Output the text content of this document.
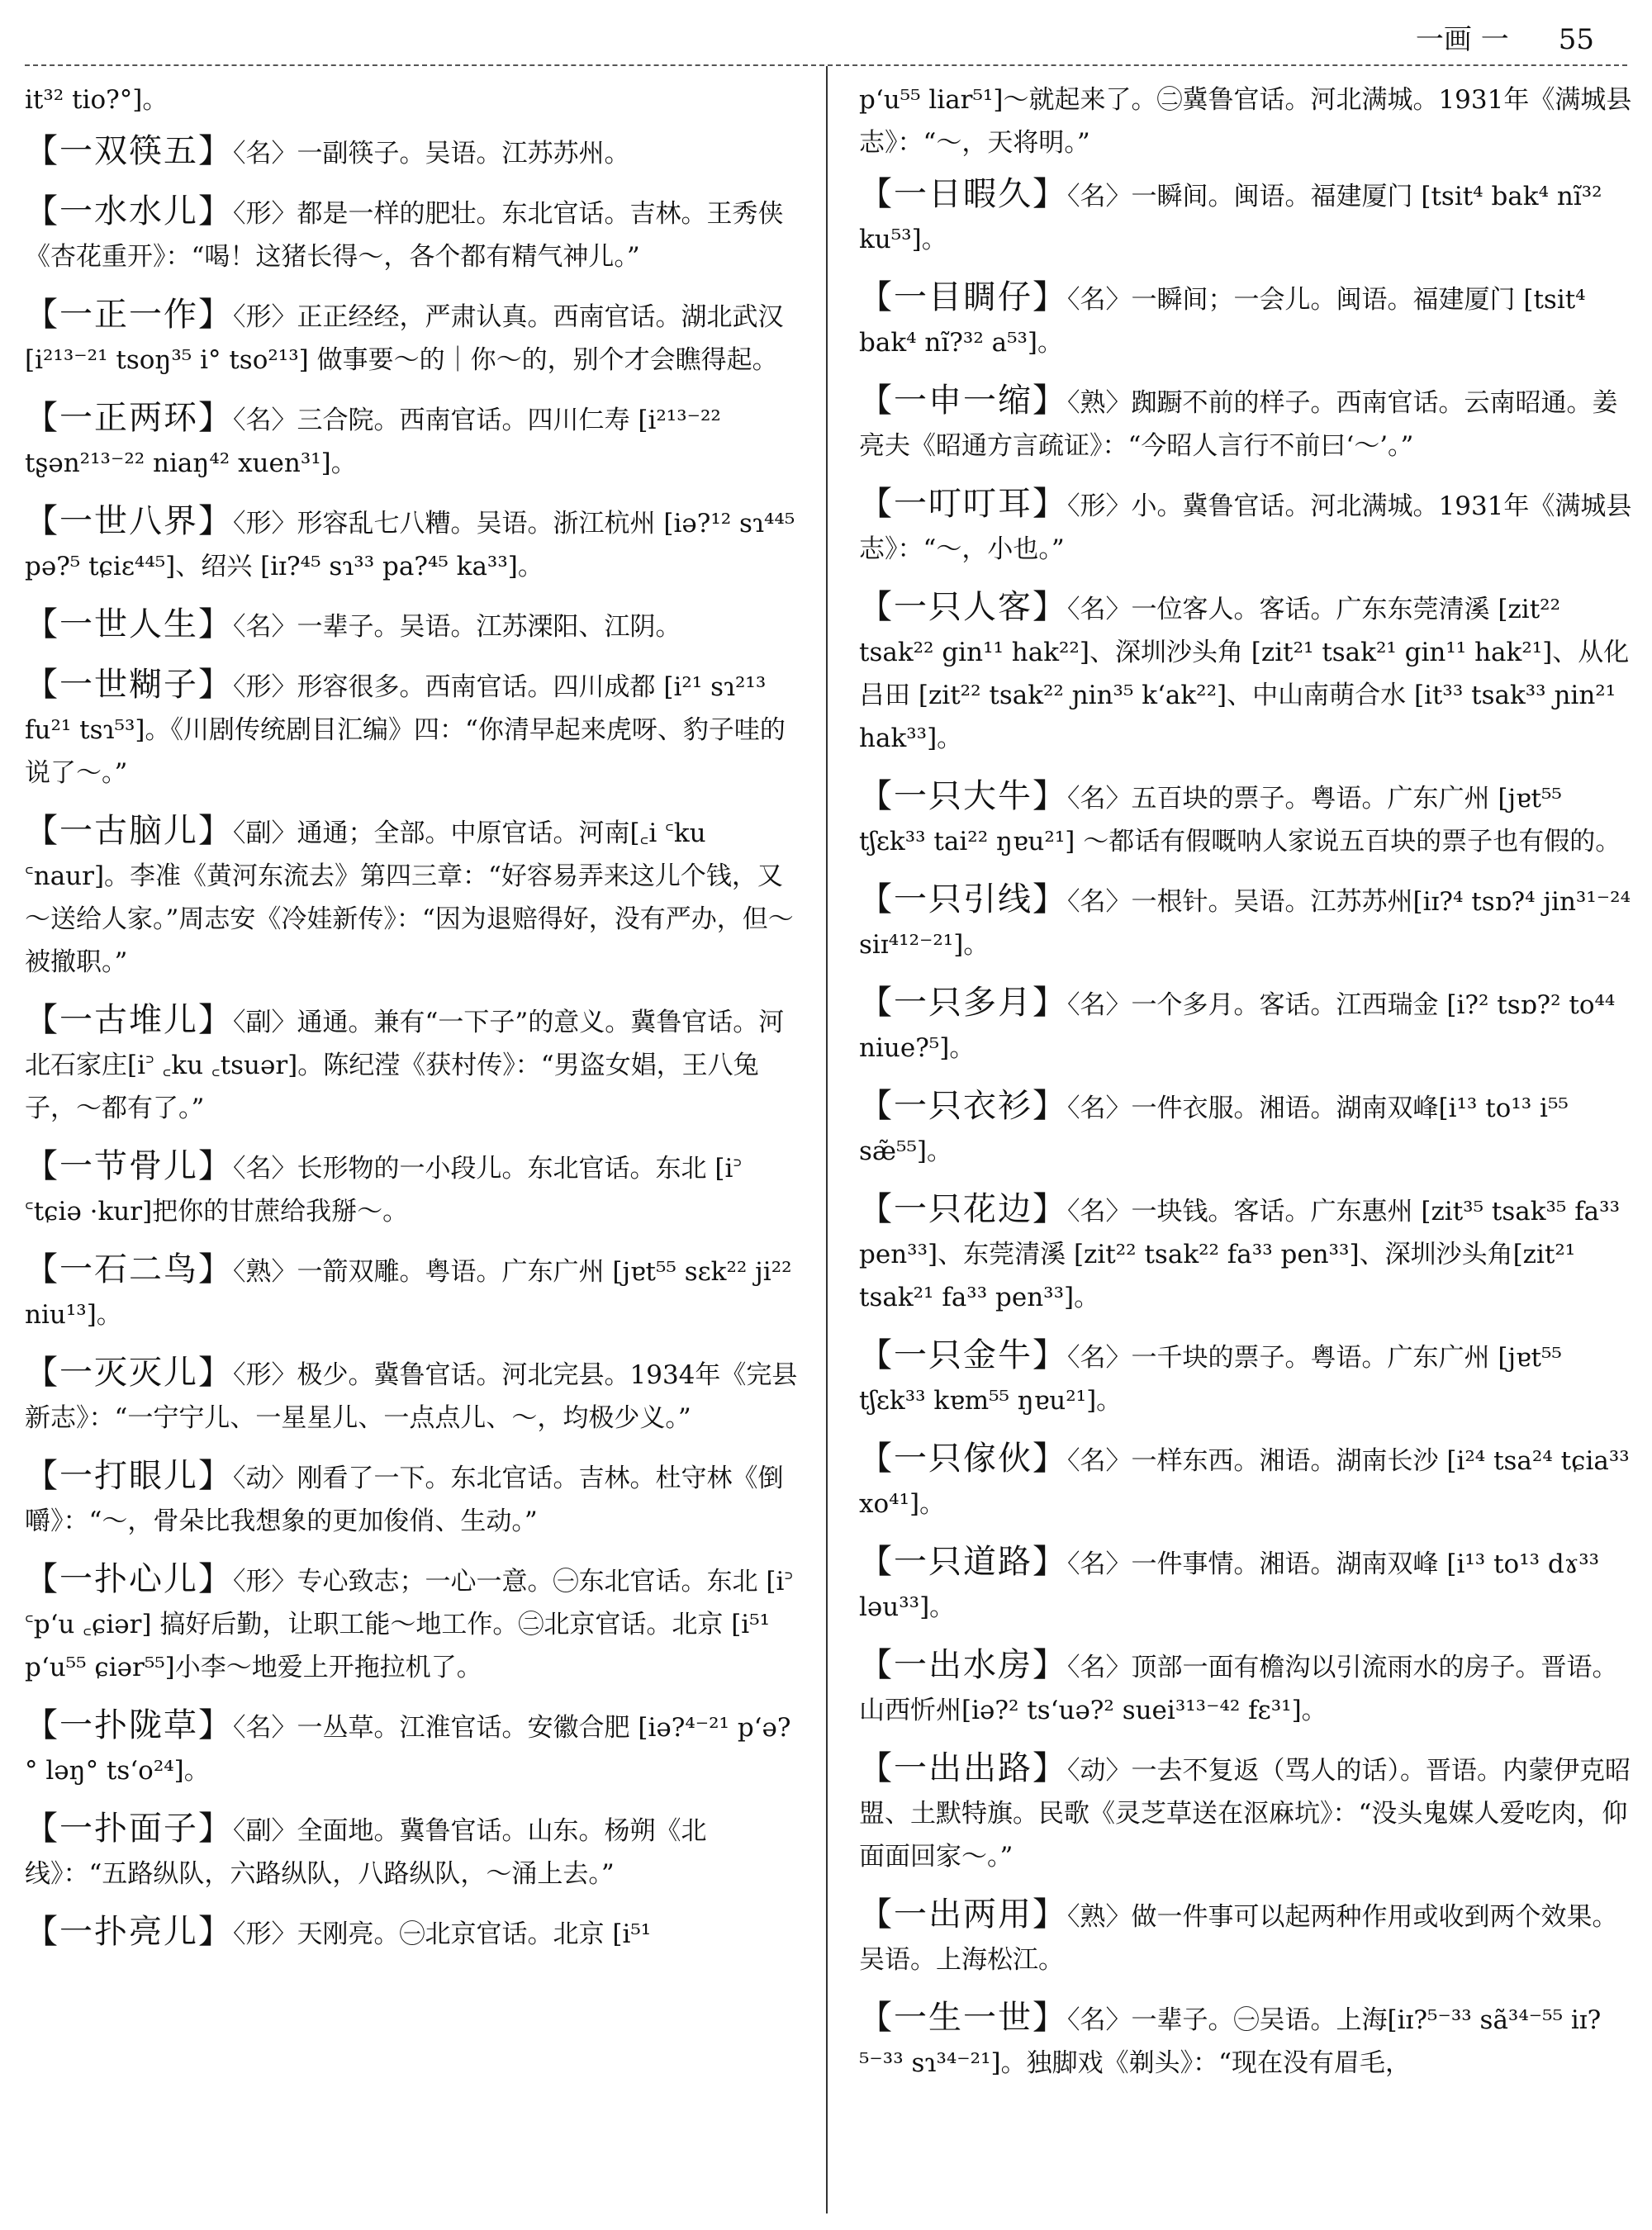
一画 一 55

it³² tio?°]。

【一双筷五】〈名〉一副筷子。吴语。江苏苏州。

【一水水儿】〈形〉都是一样的肥壮。东北官话。吉林。王秀侠《杏花重开》：“喝！这猪长得～，各个都有精气神儿。”

【一正一作】〈形〉正正经经，严肃认真。西南官话。湖北武汉 [i²¹³⁻²¹ tsoŋ³⁵ i° tso²¹³] 做事要～的｜你～的，别个才会瞧得起。

【一正两环】〈名〉三合院。西南官话。四川仁寿 [i²¹³⁻²² tʂən²¹³⁻²² niaŋ⁴² xuen³¹]。

【一世八界】〈形〉形容乱七八糟。吴语。浙江杭州 [iə?¹² sɿ⁴⁴⁵ pə?⁵ tɕiɛ⁴⁴⁵]、绍兴 [iɪ?⁴⁵ sɿ³³ pa?⁴⁵ ka³³]。

【一世人生】〈名〉一辈子。吴语。江苏溧阳、江阴。

【一世糊子】〈形〉形容很多。西南官话。四川成都 [i²¹ sɿ²¹³ fu²¹ tsɿ⁵³]。《川剧传统剧目汇编》四：“你清早起来虎呀、豹子哇的说了～。”

【一古脑儿】〈副〉通通；全部。中原官话。河南[꜀i ꜂ku ꜂naur]。李准《黄河东流去》第四三章：“好容易弄来这儿个钱，又～送给人家。”周志安《冷娃新传》：“因为退赔得好，没有严办，但～被撤职。”

【一古堆儿】〈副〉通通。兼有“一下子”的意义。冀鲁官话。河北石家庄[i꜄ ꜀ku ꜀tsuər]。陈纪滢《获村传》：“男盗女娼，王八兔子，～都有了。”

【一节骨儿】〈名〉长形物的一小段儿。东北官话。东北 [i꜄ ꜂tɕiə ·kur]把你的甘蔗给我掰～。

【一石二鸟】〈熟〉一箭双雕。粤语。广东广州 [jɐt⁵⁵ sɛk²² ji²² niu¹³]。

【一灭灭儿】〈形〉极少。冀鲁官话。河北完县。1934年《完县新志》：“一宁宁儿、一星星儿、一点点儿、～，均极少义。”

【一打眼儿】〈动〉刚看了一下。东北官话。吉林。杜守林《倒嚼》：“～，骨朵比我想象的更加俊俏、生动。”

【一扑心儿】〈形〉专心致志；一心一意。㊀东北官话。东北 [i꜄ ꜂p‘u ꜀ɕiər] 搞好后勤，让职工能～地工作。㊁北京官话。北京 [i⁵¹ p‘u⁵⁵ ɕiər⁵⁵]小李～地爱上开拖拉机了。

【一扑陇草】〈名〉一丛草。江淮官话。安徽合肥 [iə?⁴⁻²¹ p‘ə?° ləŋ° ts‘o²⁴]。

【一扑面子】〈副〉全面地。冀鲁官话。山东。杨朔《北线》：“五路纵队，六路纵队，八路纵队，～涌上去。”

【一扑亮儿】〈形〉天刚亮。㊀北京官话。北京 [i⁵¹

p‘u⁵⁵ liar⁵¹]～就起来了。㊁冀鲁官话。河北满城。1931年《满城县志》：“～，天将明。”

【一日暇久】〈名〉一瞬间。闽语。福建厦门 [tsit⁴ bak⁴ nĩ³² ku⁵³]。

【一目睭仔】〈名〉一瞬间；一会儿。闽语。福建厦门 [tsit⁴ bak⁴ nĩ?³² a⁵³]。

【一申一缩】〈熟〉踟蹰不前的样子。西南官话。云南昭通。姜亮夫《昭通方言疏证》：“今昭人言行不前曰‘～’。”

【一叮叮耳】〈形〉小。冀鲁官话。河北满城。1931年《满城县志》：“～，小也。”

【一只人客】〈名〉一位客人。客话。广东东莞清溪 [zit²² tsak²² gin¹¹ hak²²]、深圳沙头角 [zit²¹ tsak²¹ gin¹¹ hak²¹]、从化吕田 [zit²² tsak²² ɲin³⁵ k‘ak²²]、中山南萌合水 [it³³ tsak³³ ɲin²¹ hak³³]。

【一只大牛】〈名〉五百块的票子。粤语。广东广州 [jɐt⁵⁵ tʃɛk³³ tai²² ŋɐu²¹] ～都话有假嘅呐人家说五百块的票子也有假的。

【一只引线】〈名〉一根针。吴语。江苏苏州[iɪ?⁴ tsɒ?⁴ jin³¹⁻²⁴ siɪ⁴¹²⁻²¹]。

【一只多月】〈名〉一个多月。客话。江西瑞金 [i?² tsɒ?² to⁴⁴ niue?⁵]。

【一只衣衫】〈名〉一件衣服。湘语。湖南双峰[i¹³ to¹³ i⁵⁵ sæ̃⁵⁵]。

【一只花边】〈名〉一块钱。客话。广东惠州 [zit³⁵ tsak³⁵ fa³³ pen³³]、东莞清溪 [zit²² tsak²² fa³³ pen³³]、深圳沙头角[zit²¹ tsak²¹ fa³³ pen³³]。

【一只金牛】〈名〉一千块的票子。粤语。广东广州 [jɐt⁵⁵ tʃɛk³³ kɐm⁵⁵ ŋɐu²¹]。

【一只傢伙】〈名〉一样东西。湘语。湖南长沙 [i²⁴ tsa²⁴ tɕia³³ xo⁴¹]。

【一只道路】〈名〉一件事情。湘语。湖南双峰 [i¹³ to¹³ dɤ³³ ləu³³]。

【一出水房】〈名〉顶部一面有檐沟以引流雨水的房子。晋语。山西忻州[iə?² ts‘uə?² suei³¹³⁻⁴² fɛ³¹]。

【一出出路】〈动〉一去不复返（骂人的话）。晋语。内蒙伊克昭盟、土默特旗。民歌《灵芝草送在沤麻坑》：“没头鬼媒人爱吃肉，仰面面回家～。”

【一出两用】〈熟〉做一件事可以起两种作用或收到两个效果。吴语。上海松江。

【一生一世】〈名〉一辈子。㊀吴语。上海[iɪ?⁵⁻³³ sã³⁴⁻⁵⁵ iɪ?⁵⁻³³ sɿ³⁴⁻²¹]。独脚戏《剃头》：“现在没有眉毛，
